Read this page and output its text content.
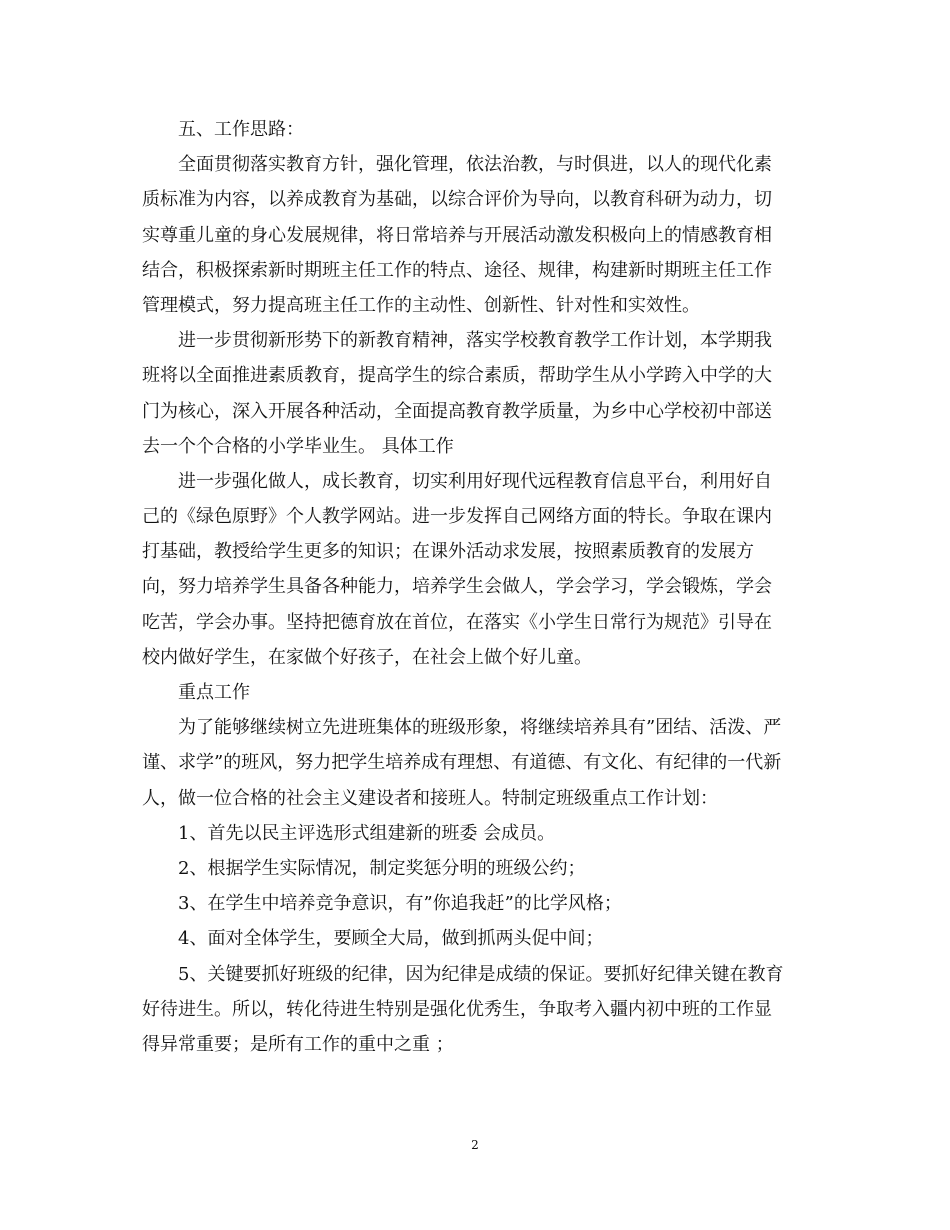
　　五、工作思路：
　　全面贯彻落实教育方针，强化管理，依法治教，与时俱进，以人的现代化素
质标准为内容，以养成教育为基础，以综合评价为导向，以教育科研为动力，切
实尊重儿童的身心发展规律，将日常培养与开展活动激发积极向上的情感教育相
结合，积极探索新时期班主任工作的特点、途径、规律，构建新时期班主任工作
管理模式，努力提高班主任工作的主动性、创新性、针对性和实效性。
　　进一步贯彻新形势下的新教育精神，落实学校教育教学工作计划，本学期我
班将以全面推进素质教育，提高学生的综合素质，帮助学生从小学跨入中学的大
门为核心，深入开展各种活动，全面提高教育教学质量，为乡中心学校初中部送
去一个个合格的小学毕业生。 具体工作
　　进一步强化做人，成长教育，切实利用好现代远程教育信息平台，利用好自
己的《绿色原野》个人教学网站。进一步发挥自己网络方面的特长。争取在课内
打基础，教授给学生更多的知识；在课外活动求发展，按照素质教育的发展方
向，努力培养学生具备各种能力，培养学生会做人，学会学习，学会锻炼，学会
吃苦，学会办事。坚持把德育放在首位，在落实《小学生日常行为规范》引导在
校内做好学生，在家做个好孩子，在社会上做个好儿童。
　　重点工作
　　为了能够继续树立先进班集体的班级形象，将继续培养具有”团结、活泼、严
谨、求学”的班风，努力把学生培养成有理想、有道德、有文化、有纪律的一代新
人，做一位合格的社会主义建设者和接班人。特制定班级重点工作计划：
　　1、首先以民主评选形式组建新的班委 会成员。
　　2、根据学生实际情况，制定奖惩分明的班级公约；
　　3、在学生中培养竞争意识，有”你追我赶”的比学风格；
　　4、面对全体学生，要顾全大局，做到抓两头促中间；
　　5、关键要抓好班级的纪律，因为纪律是成绩的保证。要抓好纪律关键在教育
好待进生。所以，转化待进生特别是强化优秀生，争取考入疆内初中班的工作显
得异常重要；是所有工作的重中之重 ；
2
